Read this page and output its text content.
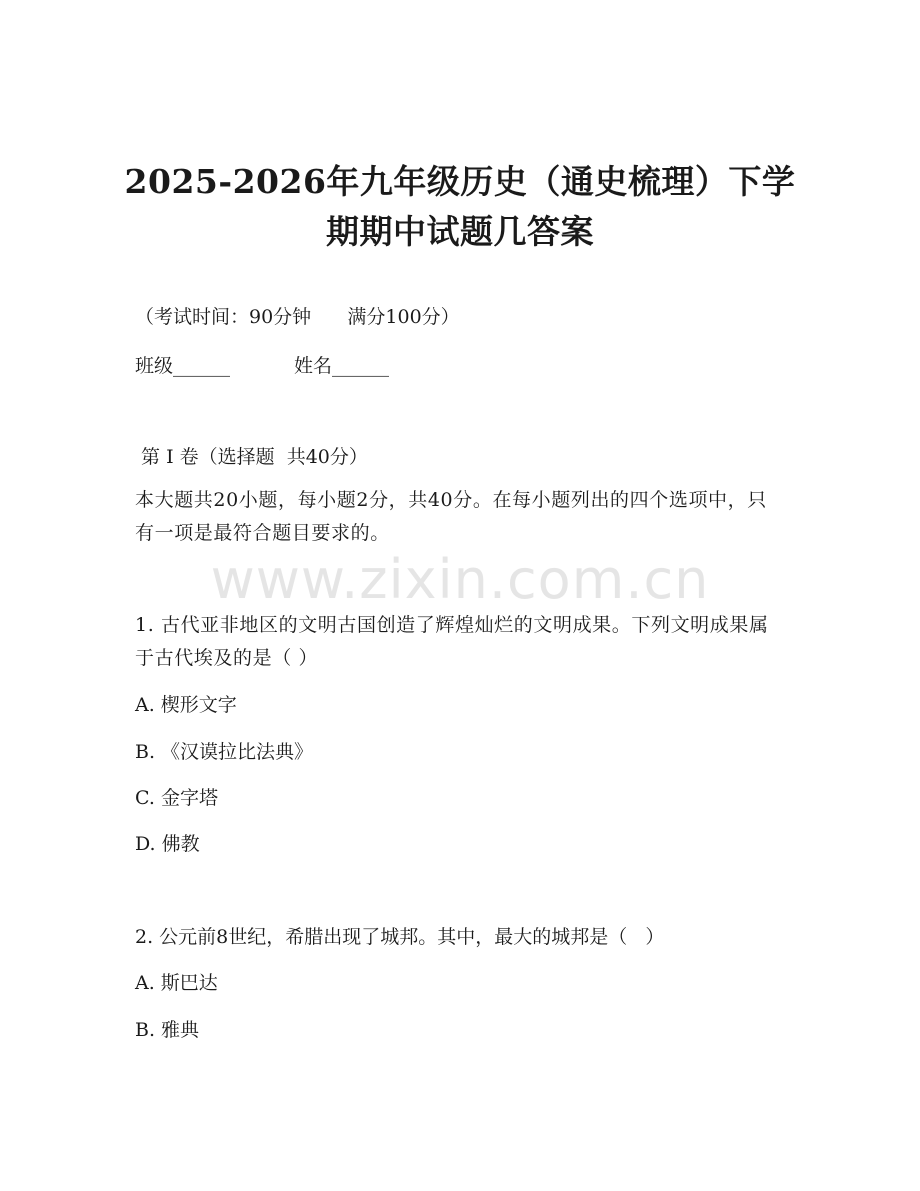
2025-2026年九年级历史（通史梳理）下学
期期中试题几答案
（考试时间：90分钟      满分100分）
班级______	姓名______
第 I 卷（选择题  共40分）
本大题共20小题，每小题2分，共40分。在每小题列出的四个选项中，只有一项是最符合题目要求的。
www.zixin.com.cn
1. 古代亚非地区的文明古国创造了辉煌灿烂的文明成果。下列文明成果属于古代埃及的是（ ）
A. 楔形文字
B. 《汉谟拉比法典》
C. 金字塔
D. 佛教
2. 公元前8世纪，希腊出现了城邦。其中，最大的城邦是（   ）
A. 斯巴达
B. 雅典
